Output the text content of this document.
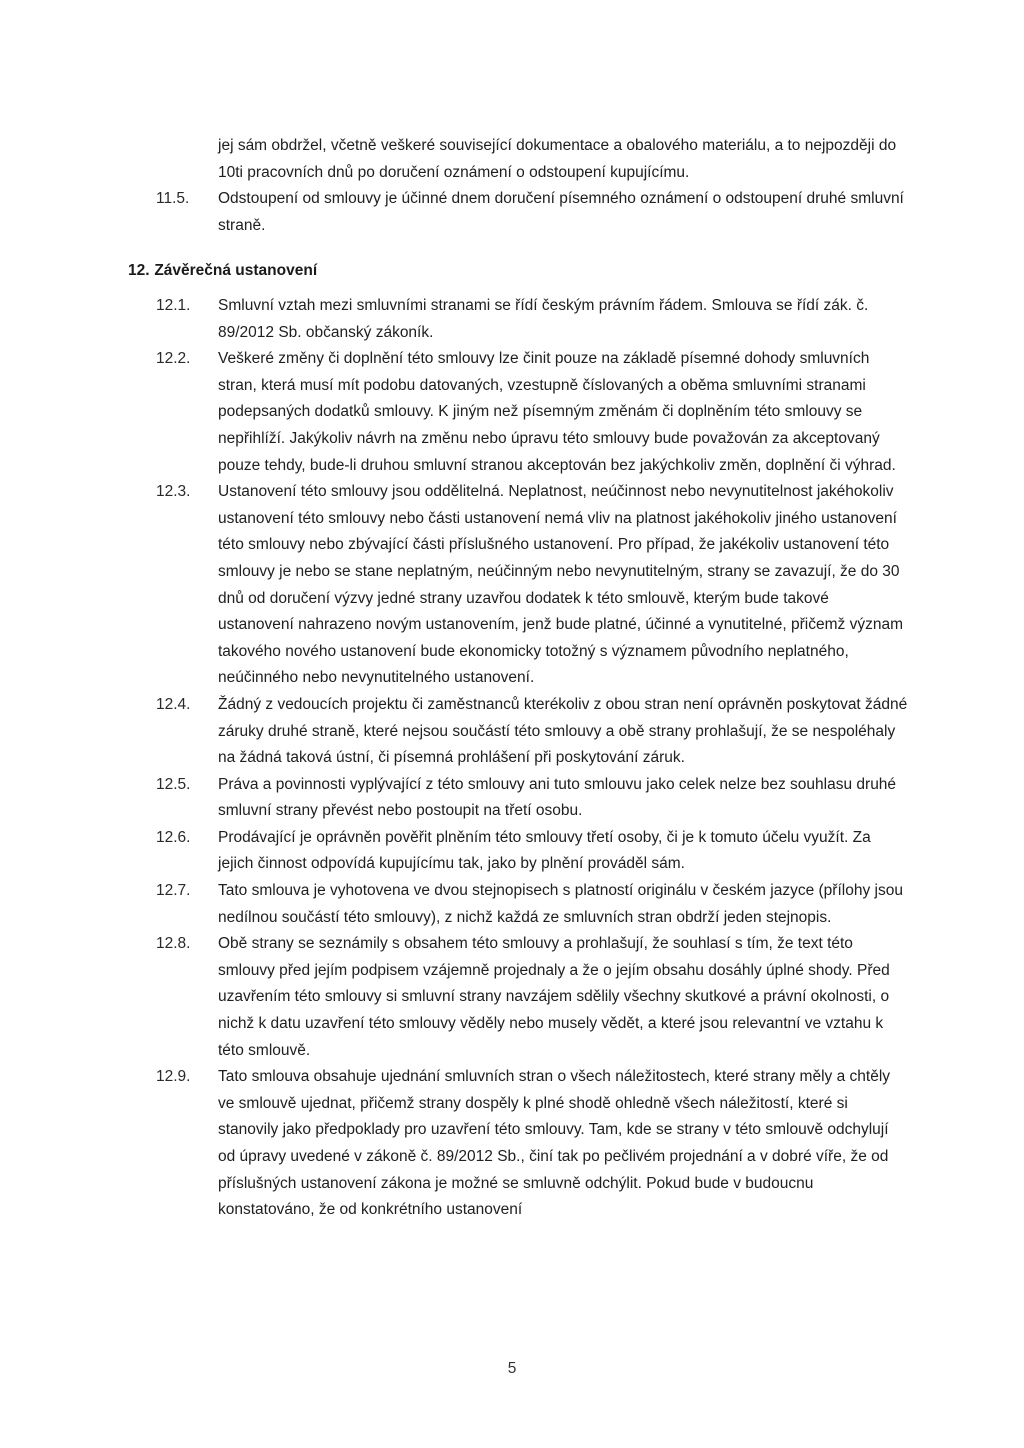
jej sám obdržel, včetně veškeré související dokumentace a obalového materiálu, a to nejpozději do 10ti pracovních dnů po doručení oznámení o odstoupení kupujícímu.
11.5. Odstoupení od smlouvy je účinné dnem doručení písemného oznámení o odstoupení druhé smluvní straně.
12. Závěrečná ustanovení
12.1. Smluvní vztah mezi smluvními stranami se řídí českým právním řádem. Smlouva se řídí zák. č. 89/2012 Sb. občanský zákoník.
12.2. Veškeré změny či doplnění této smlouvy lze činit pouze na základě písemné dohody smluvních stran, která musí mít podobu datovaných, vzestupně číslovaných a oběma smluvními stranami podepsaných dodatků smlouvy. K jiným než písemným změnám či doplněním této smlouvy se nepřihlíží. Jakýkoliv návrh na změnu nebo úpravu této smlouvy bude považován za akceptovaný pouze tehdy, bude-li druhou smluvní stranou akceptován bez jakýchkoliv změn, doplnění či výhrad.
12.3. Ustanovení této smlouvy jsou oddělitelná. Neplatnost, neúčinnost nebo nevynutitelnost jakéhokoliv ustanovení této smlouvy nebo části ustanovení nemá vliv na platnost jakéhokoliv jiného ustanovení této smlouvy nebo zbývající části příslušného ustanovení. Pro případ, že jakékoliv ustanovení této smlouvy je nebo se stane neplatným, neúčinným nebo nevynutitelným, strany se zavazují, že do 30 dnů od doručení výzvy jedné strany uzavřou dodatek k této smlouvě, kterým bude takové ustanovení nahrazeno novým ustanovením, jenž bude platné, účinné a vynutitelné, přičemž význam takového nového ustanovení bude ekonomicky totožný s významem původního neplatného, neúčinného nebo nevynutitelného ustanovení.
12.4. Žádný z vedoucích projektu či zaměstnanců kterékoliv z obou stran není oprávněn poskytovat žádné záruky druhé straně, které nejsou součástí této smlouvy a obě strany prohlašují, že se nespoléhaly na žádná taková ústní, či písemná prohlášení při poskytování záruk.
12.5. Práva a povinnosti vyplývající z této smlouvy ani tuto smlouvu jako celek nelze bez souhlasu druhé smluvní strany převést nebo postoupit na třetí osobu.
12.6. Prodávající je oprávněn pověřit plněním této smlouvy třetí osoby, či je k tomuto účelu využít. Za jejich činnost odpovídá kupujícímu tak, jako by plnění prováděl sám.
12.7. Tato smlouva je vyhotovena ve dvou stejnopisech s platností originálu v českém jazyce (přílohy jsou nedílnou součástí této smlouvy), z nichž každá ze smluvních stran obdrží jeden stejnopis.
12.8. Obě strany se seznámily s obsahem této smlouvy a prohlašují, že souhlasí s tím, že text této smlouvy před jejím podpisem vzájemně projednaly a že o jejím obsahu dosáhly úplné shody. Před uzavřením této smlouvy si smluvní strany navzájem sdělily všechny skutkové a právní okolnosti, o nichž k datu uzavření této smlouvy věděly nebo musely vědět, a které jsou relevantní ve vztahu k této smlouvě.
12.9. Tato smlouva obsahuje ujednání smluvních stran o všech náležitostech, které strany měly a chtěly ve smlouvě ujednat, přičemž strany dospěly k plné shodě ohledně všech náležitostí, které si stanovily jako předpoklady pro uzavření této smlouvy. Tam, kde se strany v této smlouvě odchylují od úpravy uvedené v zákoně č. 89/2012 Sb., činí tak po pečlivém projednání a v dobré víře, že od příslušných ustanovení zákona je možné se smluvně odchýlit. Pokud bude v budoucnu konstatováno, že od konkrétního ustanovení
5
